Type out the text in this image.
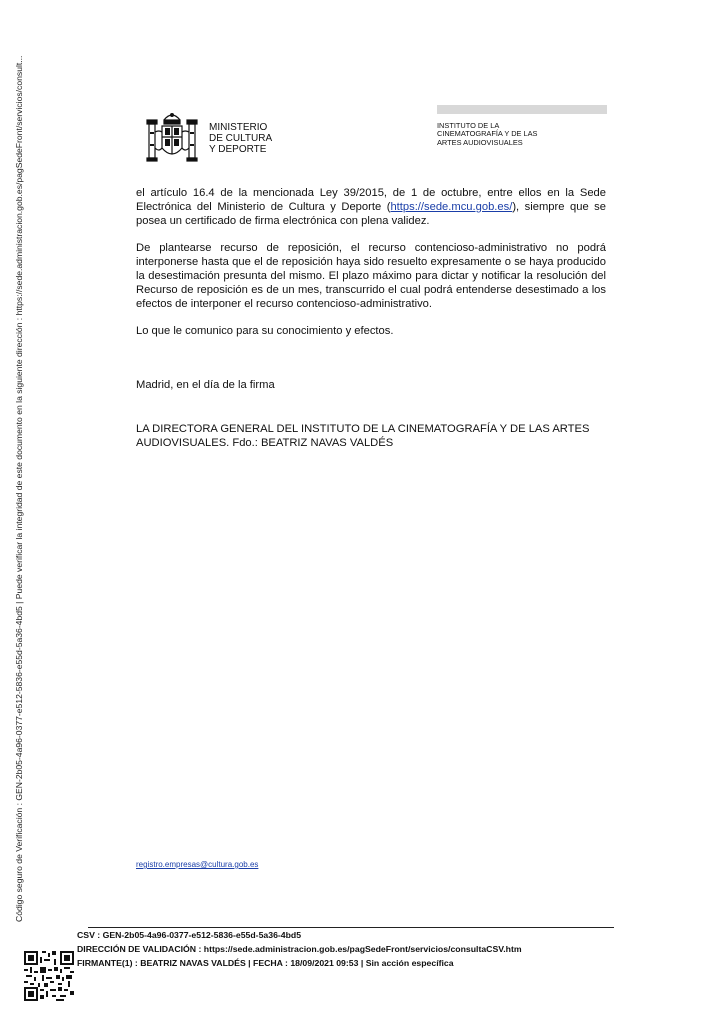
Código seguro de Verificación : GEN-2b05-4a96-0377-e512-5836-e55d-5a36-4bd5 | Puede verificar la integridad de este documento en la siguiente dirección : https://sede.administracion.gob.es/pagSedeFront/servicios/consult...	MINISTERIO
DE CULTURA
Y DEPORTE
INSTITUTO DE LA
CINEMATOGRAFÍA Y DE LAS
ARTES AUDIOVISUALES
el artículo 16.4 de la mencionada Ley 39/2015, de 1 de octubre, entre ellos en la Sede Electrónica del Ministerio de Cultura y Deporte (https://sede.mcu.gob.es/), siempre que se posea un certificado de firma electrónica con plena validez.
De plantearse recurso de reposición, el recurso contencioso-administrativo no podrá interponerse hasta que el de reposición haya sido resuelto expresamente o se haya producido la desestimación presunta del mismo. El plazo máximo para dictar y notificar la resolución del Recurso de reposición es de un mes, transcurrido el cual podrá entenderse desestimado a los efectos de interponer el recurso contencioso-administrativo.
Lo que le comunico para su conocimiento y efectos.
Madrid, en el día de la firma
LA DIRECTORA GENERAL DEL INSTITUTO DE LA CINEMATOGRAFÍA Y DE LAS ARTES AUDIOVISUALES. Fdo.: BEATRIZ NAVAS VALDÉS
registro.empresas@cultura.gob.es
CSV : GEN-2b05-4a96-0377-e512-5836-e55d-5a36-4bd5
DIRECCIÓN DE VALIDACIÓN : https://sede.administracion.gob.es/pagSedeFront/servicios/consultaCSV.htm
FIRMANTE(1) : BEATRIZ NAVAS VALDÉS | FECHA : 18/09/2021 09:53 | Sin acción específica
